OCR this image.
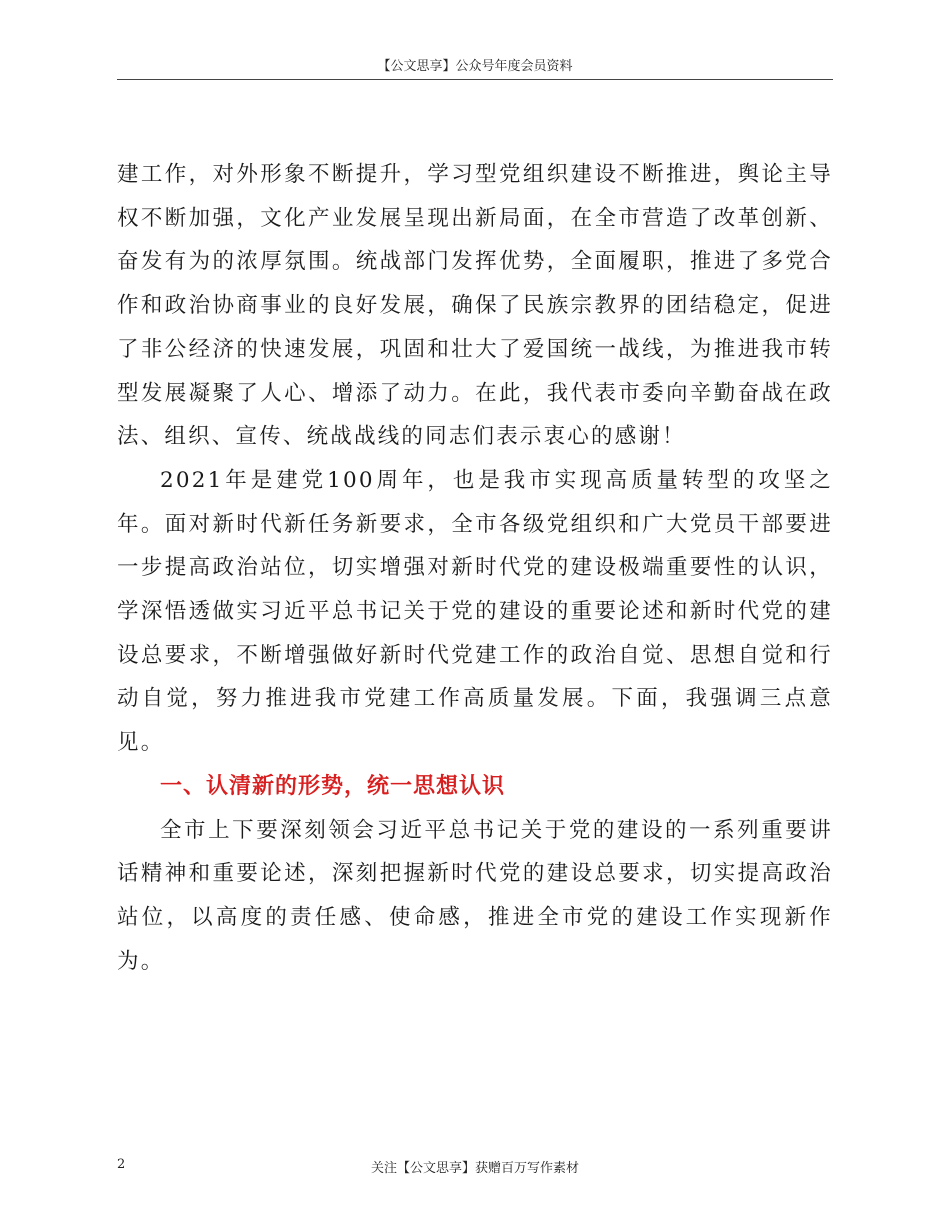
【公文思享】公众号年度会员资料

建工作，对外形象不断提升，学习型党组织建设不断推进，舆论主导权不断加强，文化产业发展呈现出新局面，在全市营造了改革创新、奋发有为的浓厚氛围。统战部门发挥优势，全面履职，推进了多党合作和政治协商事业的良好发展，确保了民族宗教界的团结稳定，促进了非公经济的快速发展，巩固和壮大了爱国统一战线，为推进我市转型发展凝聚了人心、增添了动力。在此，我代表市委向辛勤奋战在政法、组织、宣传、统战战线的同志们表示衷心的感谢！

2021年是建党100周年，也是我市实现高质量转型的攻坚之年。面对新时代新任务新要求，全市各级党组织和广大党员干部要进一步提高政治站位，切实增强对新时代党的建设极端重要性的认识，学深悟透做实习近平总书记关于党的建设的重要论述和新时代党的建设总要求，不断增强做好新时代党建工作的政治自觉、思想自觉和行动自觉，努力推进我市党建工作高质量发展。下面，我强调三点意见。

一、认清新的形势，统一思想认识

全市上下要深刻领会习近平总书记关于党的建设的一系列重要讲话精神和重要论述，深刻把握新时代党的建设总要求，切实提高政治站位，以高度的责任感、使命感，推进全市党的建设工作实现新作为。

2	关注【公文思享】获赠百万写作素材
